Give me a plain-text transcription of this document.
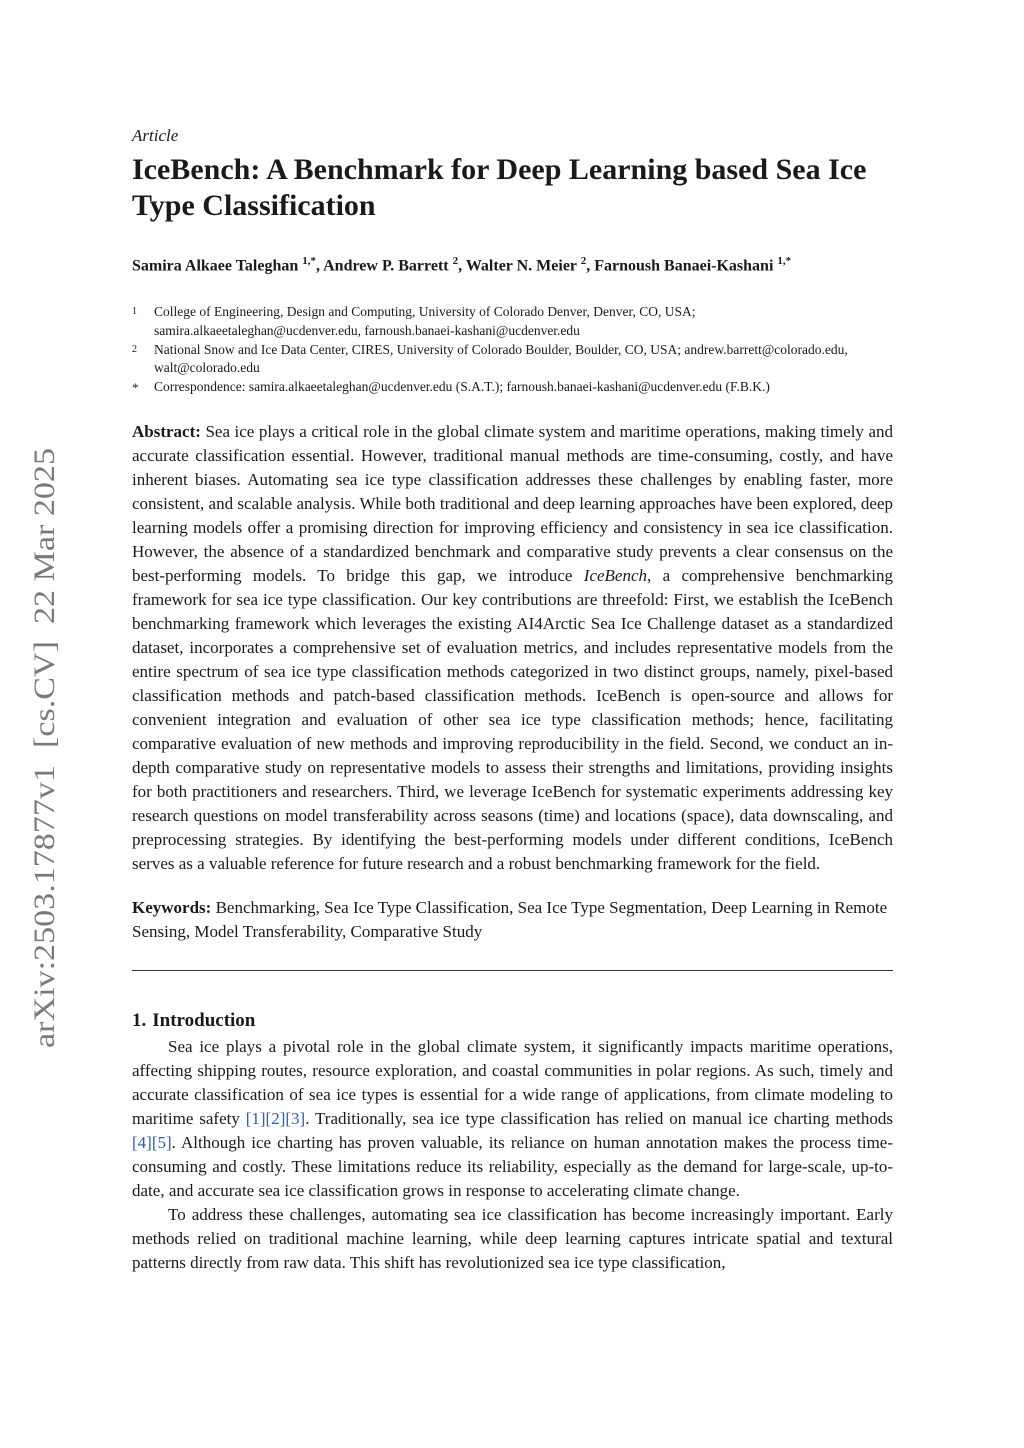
arXiv:2503.17877v1  [cs.CV]  22 Mar 2025

Article

IceBench: A Benchmark for Deep Learning based Sea Ice Type Classification
Samira Alkaee Taleghan $^{1,*}$, Andrew P. Barrett $^2$, Walter N. Meier $^2$, Farnoush Banaei-Kashani $^{1,*}$
1 College of Engineering, Design and Computing, University of Colorado Denver, Denver, CO, USA; samira.alkaeetaleghan@ucdenver.edu, farnoush.banaei-kashani@ucdenver.edu
2 National Snow and Ice Data Center, CIRES, University of Colorado Boulder, Boulder, CO, USA; andrew.barrett@colorado.edu, walt@colorado.edu
* Correspondence: samira.alkaeetaleghan@ucdenver.edu (S.A.T.); farnoush.banaei-kashani@ucdenver.edu (F.B.K.)
Abstract: Sea ice plays a critical role in the global climate system and maritime operations, making timely and accurate classification essential. However, traditional manual methods are time-consuming, costly, and have inherent biases. Automating sea ice type classification addresses these challenges by enabling faster, more consistent, and scalable analysis. While both traditional and deep learning approaches have been explored, deep learning models offer a promising direction for improving efficiency and consistency in sea ice classification. However, the absence of a standardized benchmark and comparative study prevents a clear consensus on the best-performing models. To bridge this gap, we introduce IceBench, a comprehensive benchmarking framework for sea ice type classification. Our key contributions are threefold: First, we establish the IceBench benchmarking framework which leverages the existing AI4Arctic Sea Ice Challenge dataset as a standardized dataset, incorporates a comprehensive set of evaluation metrics, and includes representative models from the entire spectrum of sea ice type classification methods categorized in two distinct groups, namely, pixel-based classification methods and patch-based classification methods. IceBench is open-source and allows for convenient integration and evaluation of other sea ice type classification methods; hence, facilitating comparative evaluation of new methods and improving reproducibility in the field. Second, we conduct an in-depth comparative study on representative models to assess their strengths and limitations, providing insights for both practitioners and researchers. Third, we leverage IceBench for systematic experiments addressing key research questions on model transferability across seasons (time) and locations (space), data downscaling, and preprocessing strategies. By identifying the best-performing models under different conditions, IceBench serves as a valuable reference for future research and a robust benchmarking framework for the field.
Keywords: Benchmarking, Sea Ice Type Classification, Sea Ice Type Segmentation, Deep Learning in Remote Sensing, Model Transferability, Comparative Study
1. Introduction

Sea ice plays a pivotal role in the global climate system, it significantly impacts maritime operations, affecting shipping routes, resource exploration, and coastal communities in polar regions. As such, timely and accurate classification of sea ice types is essential for a wide range of applications, from climate modeling to maritime safety [1][2][3]. Traditionally, sea ice type classification has relied on manual ice charting methods [4][5]. Although ice charting has proven valuable, its reliance on human annotation makes the process time-consuming and costly. These limitations reduce its reliability, especially as the demand for large-scale, up-to-date, and accurate sea ice classification grows in response to accelerating climate change.

To address these challenges, automating sea ice classification has become increasingly important. Early methods relied on traditional machine learning, while deep learning captures intricate spatial and textural patterns directly from raw data. This shift has revolutionized sea ice type classification,
